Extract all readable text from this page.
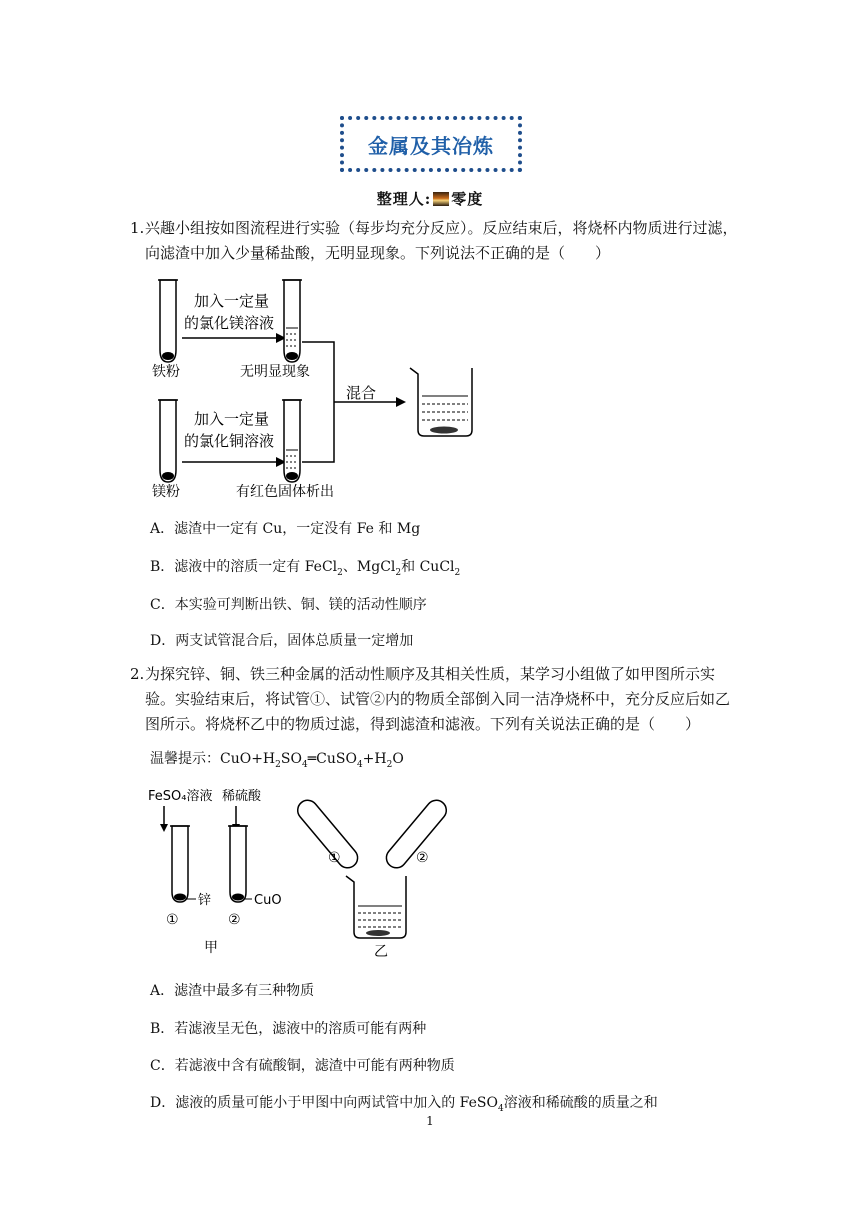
金属及其冶炼
整理人: 零度
1. 兴趣小组按如图流程进行实验（每步均充分反应）。反应结束后，将烧杯内物质进行过滤，向滤渣中加入少量稀盐酸，无明显现象。下列说法不正确的是（　　）
铁粉
加入一定量
的氯化镁溶液
无明显现象
混合
镁粉
加入一定量
的氯化铜溶液
有红色固体析出
A．滤渣中一定有 Cu，一定没有 Fe 和 Mg
B．滤液中的溶质一定有 FeCl$_2$、MgCl$_2$和 CuCl$_2$
C．本实验可判断出铁、铜、镁的活动性顺序
D．两支试管混合后，固体总质量一定增加
2. 为探究锌、铜、铁三种金属的活动性顺序及其相关性质，某学习小组做了如甲图所示实验。实验结束后，将试管①、试管②内的物质全部倒入同一洁净烧杯中，充分反应后如乙图所示。将烧杯乙中的物质过滤，得到滤渣和滤液。下列有关说法正确的是（　　）
温馨提示：$CuO+H_2SO_4═CuSO_4+H_2O$
FeSO₄溶液 稀硫酸
锌
①
CuO
②
甲
①	②
乙
A．滤渣中最多有三种物质
B．若滤液呈无色，滤液中的溶质可能有两种
C．若滤液中含有硫酸铜，滤渣中可能有两种物质
D．滤液的质量可能小于甲图中向两试管中加入的 FeSO$_4$溶液和稀硫酸的质量之和
1
